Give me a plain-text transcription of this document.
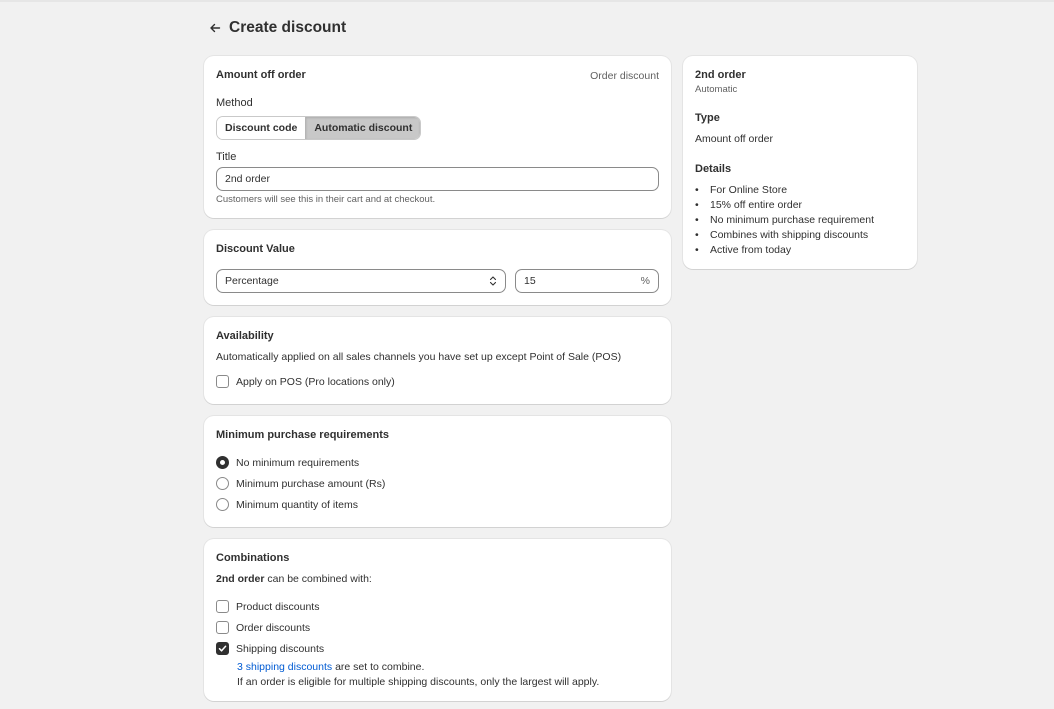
Create discount
Amount off order	Order discount
Method
Discount code	Automatic discount
Title
2nd order
Customers will see this in their cart and at checkout.
Discount Value
Percentage	15	%
Availability
Automatically applied on all sales channels you have set up except Point of Sale (POS)
Apply on POS (Pro locations only)
Minimum purchase requirements
No minimum requirements
Minimum purchase amount (Rs)
Minimum quantity of items
Combinations
2nd order can be combined with:
Product discounts
Order discounts
Shipping discounts
3 shipping discounts are set to combine.
If an order is eligible for multiple shipping discounts, only the largest will apply.
2nd order
Automatic
Type
Amount off order
Details
•	For Online Store
•	15% off entire order
•	No minimum purchase requirement
•	Combines with shipping discounts
•	Active from today
